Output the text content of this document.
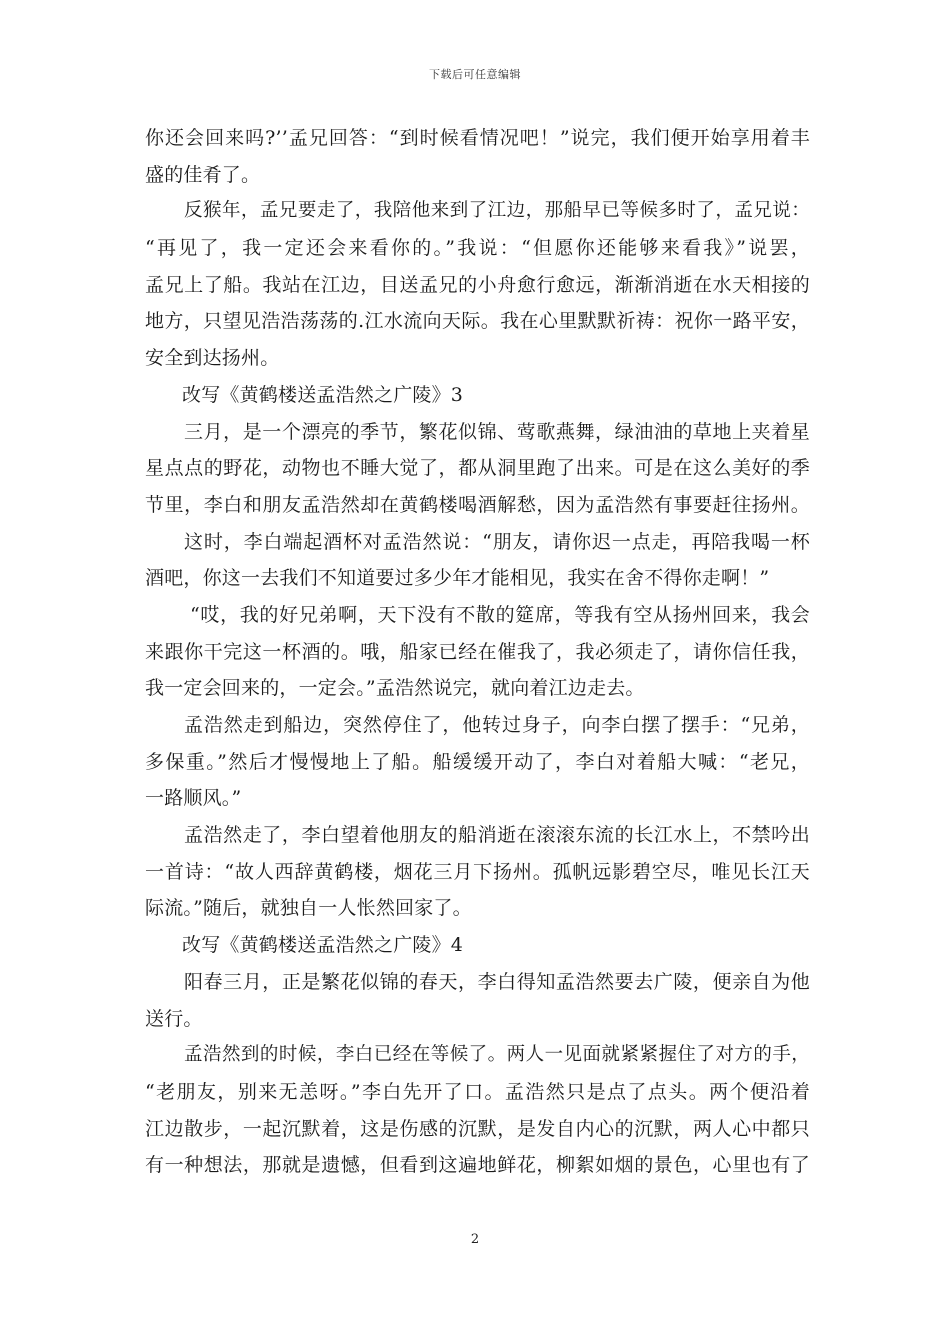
下载后可任意编辑
你还会回来吗?’’孟兄回答：“到时候看情况吧！”说完，我们便开始享用着丰
盛的佳肴了。
反猴年，孟兄要走了，我陪他来到了江边，那船早已等候多时了，孟兄说：
“再见了，我一定还会来看你的。”我说：“但愿你还能够来看我》”说罢，
孟兄上了船。我站在江边，目送孟兄的小舟愈行愈远，渐渐消逝在水天相接的
地方，只望见浩浩荡荡的.江水流向天际。我在心里默默祈祷：祝你一路平安，
安全到达扬州。
改写《黄鹤楼送孟浩然之广陵》3
三月，是一个漂亮的季节，繁花似锦、莺歌燕舞，绿油油的草地上夹着星
星点点的野花，动物也不睡大觉了，都从洞里跑了出来。可是在这么美好的季
节里，李白和朋友孟浩然却在黄鹤楼喝酒解愁，因为孟浩然有事要赶往扬州。
这时，李白端起酒杯对孟浩然说：“朋友，请你迟一点走，再陪我喝一杯
酒吧，你这一去我们不知道要过多少年才能相见，我实在舍不得你走啊！”
“哎，我的好兄弟啊，天下没有不散的筵席，等我有空从扬州回来，我会
来跟你干完这一杯酒的。哦，船家已经在催我了，我必须走了，请你信任我，
我一定会回来的，一定会。”孟浩然说完，就向着江边走去。
孟浩然走到船边，突然停住了，他转过身子，向李白摆了摆手：“兄弟，
多保重。”然后才慢慢地上了船。船缓缓开动了，李白对着船大喊：“老兄，
一路顺风。”
孟浩然走了，李白望着他朋友的船消逝在滚滚东流的长江水上，不禁吟出
一首诗：“故人西辞黄鹤楼，烟花三月下扬州。孤帆远影碧空尽，唯见长江天
际流。”随后，就独自一人怅然回家了。
改写《黄鹤楼送孟浩然之广陵》4
阳春三月，正是繁花似锦的春天，李白得知孟浩然要去广陵，便亲自为他
送行。
孟浩然到的时候，李白已经在等候了。两人一见面就紧紧握住了对方的手，
“老朋友，别来无恙呀。”李白先开了口。孟浩然只是点了点头。两个便沿着
江边散步，一起沉默着，这是伤感的沉默，是发自内心的沉默，两人心中都只
有一种想法，那就是遗憾，但看到这遍地鲜花，柳絮如烟的景色，心里也有了
2
